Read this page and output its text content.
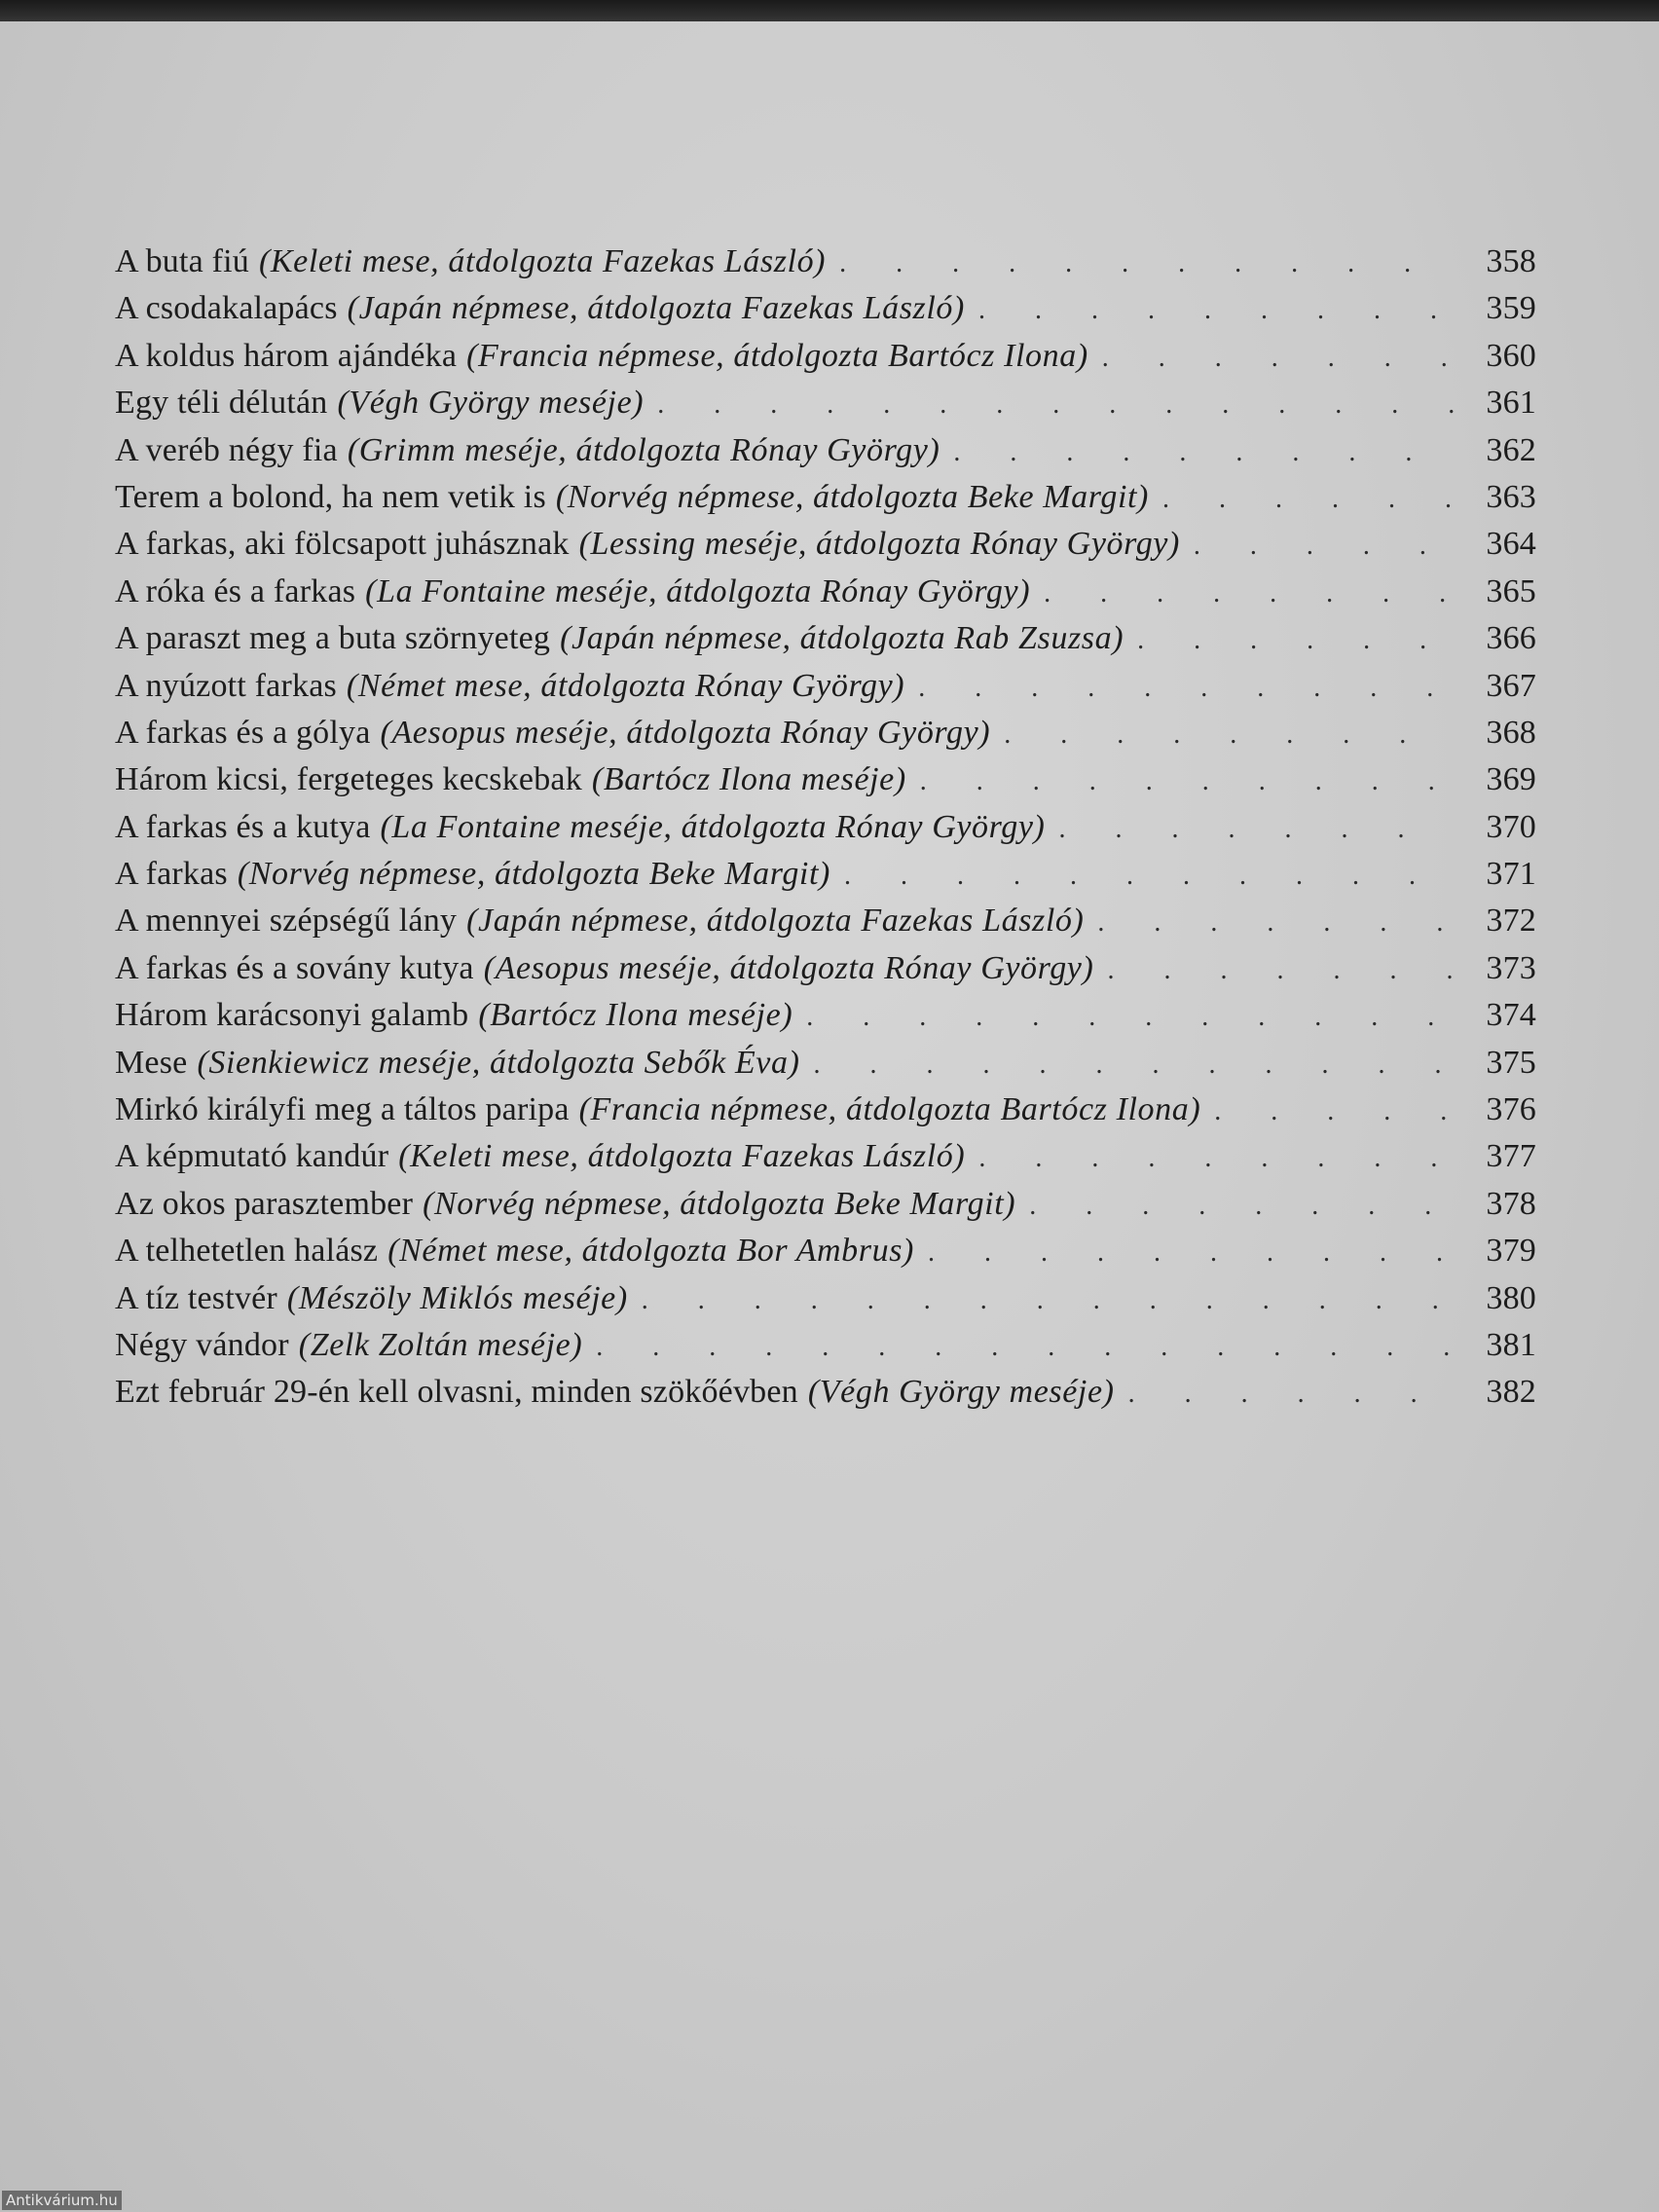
A buta fiú (Keleti mese, átdolgozta Fazekas László) . . .	358
A csodakalapács (Japán népmese, átdolgozta Fazekas László) . . .	359
A koldus három ajándéka (Francia népmese, átdolgozta Bartócz Ilona) . . .	360
Egy téli délután (Végh György meséje) . . .	361
A veréb négy fia (Grimm meséje, átdolgozta Rónay György) . . .	362
Terem a bolond, ha nem vetik is (Norvég népmese, átdolgozta Beke Margit) . . .	363
A farkas, aki fölcsapott juhásznak (Lessing meséje, átdolgozta Rónay György) . . .	364
A róka és a farkas (La Fontaine meséje, átdolgozta Rónay György) . . .	365
A paraszt meg a buta szörnyeteg (Japán népmese, átdolgozta Rab Zsuzsa) . . .	366
A nyúzott farkas (Német mese, átdolgozta Rónay György) . . .	367
A farkas és a gólya (Aesopus meséje, átdolgozta Rónay György) . . .	368
Három kicsi, fergeteges kecskebak (Bartócz Ilona meséje) . . .	369
A farkas és a kutya (La Fontaine meséje, átdolgozta Rónay György) . . .	370
A farkas (Norvég népmese, átdolgozta Beke Margit) . . .	371
A mennyei szépségű lány (Japán népmese, átdolgozta Fazekas László) . . .	372
A farkas és a sovány kutya (Aesopus meséje, átdolgozta Rónay György) . . .	373
Három karácsonyi galamb (Bartócz Ilona meséje) . . .	374
Mese (Sienkiewicz meséje, átdolgozta Sebők Éva) . . .	375
Mirkó királyfi meg a táltos paripa (Francia népmese, átdolgozta Bartócz Ilona) . . .	376
A képmutató kandúr (Keleti mese, átdolgozta Fazekas László) . . .	377
Az okos parasztember (Norvég népmese, átdolgozta Beke Margit) . . .	378
A telhetetlen halász (Német mese, átdolgozta Bor Ambrus) . . .	379
A tíz testvér (Mészöly Miklós meséje) . . .	380
Négy vándor (Zelk Zoltán meséje) . . .	381
Ezt február 29-én kell olvasni, minden szökőévben (Végh György meséje) . . .	382
Antikvárium.hu
